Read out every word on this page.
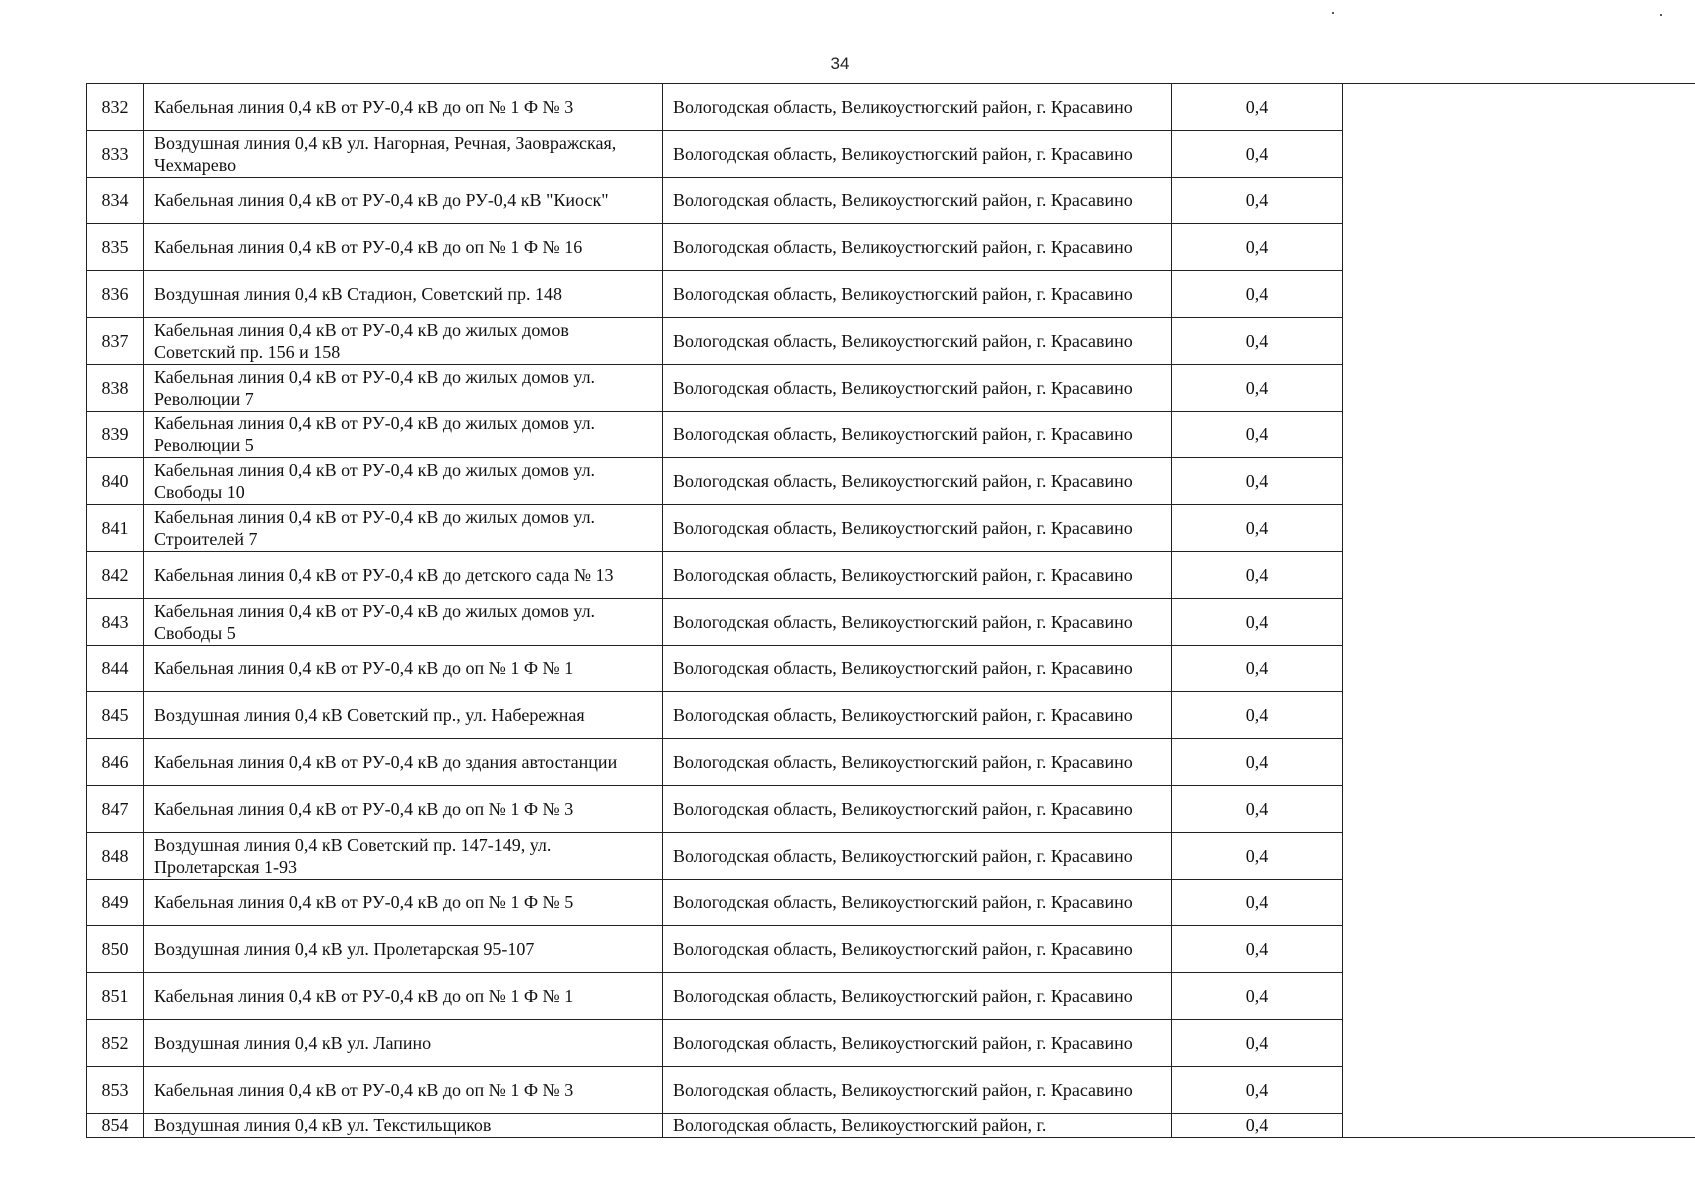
34
832	Кабельная линия 0,4 кВ от РУ-0,4 кВ до оп № 1 Ф № 3	Вологодская область, Великоустюгский район, г. Красавино	0,4	
833	Воздушная линия 0,4 кВ ул. Нагорная, Речная, Заовражская, Чехмарево	Вологодская область, Великоустюгский район, г. Красавино	0,4	
834	Кабельная линия 0,4 кВ от РУ-0,4 кВ до РУ-0,4 кВ "Киоск"	Вологодская область, Великоустюгский район, г. Красавино	0,4	
835	Кабельная линия 0,4 кВ от РУ-0,4 кВ до оп № 1 Ф № 16	Вологодская область, Великоустюгский район, г. Красавино	0,4	
836	Воздушная линия 0,4 кВ Стадион, Советский пр. 148	Вологодская область, Великоустюгский район, г. Красавино	0,4	
837	Кабельная линия 0,4 кВ от РУ-0,4 кВ до жилых домов Советский пр. 156 и 158	Вологодская область, Великоустюгский район, г. Красавино	0,4	
838	Кабельная линия 0,4 кВ от РУ-0,4 кВ до жилых домов ул. Революции 7	Вологодская область, Великоустюгский район, г. Красавино	0,4	
839	Кабельная линия 0,4 кВ от РУ-0,4 кВ до жилых домов ул. Революции 5	Вологодская область, Великоустюгский район, г. Красавино	0,4	
840	Кабельная линия 0,4 кВ от РУ-0,4 кВ до жилых домов ул. Свободы 10	Вологодская область, Великоустюгский район, г. Красавино	0,4	
841	Кабельная линия 0,4 кВ от РУ-0,4 кВ до жилых домов ул. Строителей 7	Вологодская область, Великоустюгский район, г. Красавино	0,4	
842	Кабельная линия 0,4 кВ от РУ-0,4 кВ до детского сада № 13	Вологодская область, Великоустюгский район, г. Красавино	0,4	
843	Кабельная линия 0,4 кВ от РУ-0,4 кВ до жилых домов ул. Свободы 5	Вологодская область, Великоустюгский район, г. Красавино	0,4	
844	Кабельная линия 0,4 кВ от РУ-0,4 кВ до оп № 1 Ф № 1	Вологодская область, Великоустюгский район, г. Красавино	0,4	
845	Воздушная линия 0,4 кВ Советский пр., ул. Набережная	Вологодская область, Великоустюгский район, г. Красавино	0,4	
846	Кабельная линия 0,4 кВ от РУ-0,4 кВ до здания автостанции	Вологодская область, Великоустюгский район, г. Красавино	0,4	
847	Кабельная линия 0,4 кВ от РУ-0,4 кВ до оп № 1 Ф № 3	Вологодская область, Великоустюгский район, г. Красавино	0,4	
848	Воздушная линия 0,4 кВ Советский пр. 147-149, ул. Пролетарская 1-93	Вологодская область, Великоустюгский район, г. Красавино	0,4	
849	Кабельная линия 0,4 кВ от РУ-0,4 кВ до оп № 1 Ф № 5	Вологодская область, Великоустюгский район, г. Красавино	0,4	
850	Воздушная линия 0,4 кВ ул. Пролетарская 95-107	Вологодская область, Великоустюгский район, г. Красавино	0,4	
851	Кабельная линия 0,4 кВ от РУ-0,4 кВ до оп № 1 Ф № 1	Вологодская область, Великоустюгский район, г. Красавино	0,4	
852	Воздушная линия 0,4 кВ ул. Лапино	Вологодская область, Великоустюгский район, г. Красавино	0,4	
853	Кабельная линия 0,4 кВ от РУ-0,4 кВ до оп № 1 Ф № 3	Вологодская область, Великоустюгский район, г. Красавино	0,4	
854	Воздушная линия 0,4 кВ ул. Текстильщиков	Вологодская область, Великоустюгский район, г.	0,4	
